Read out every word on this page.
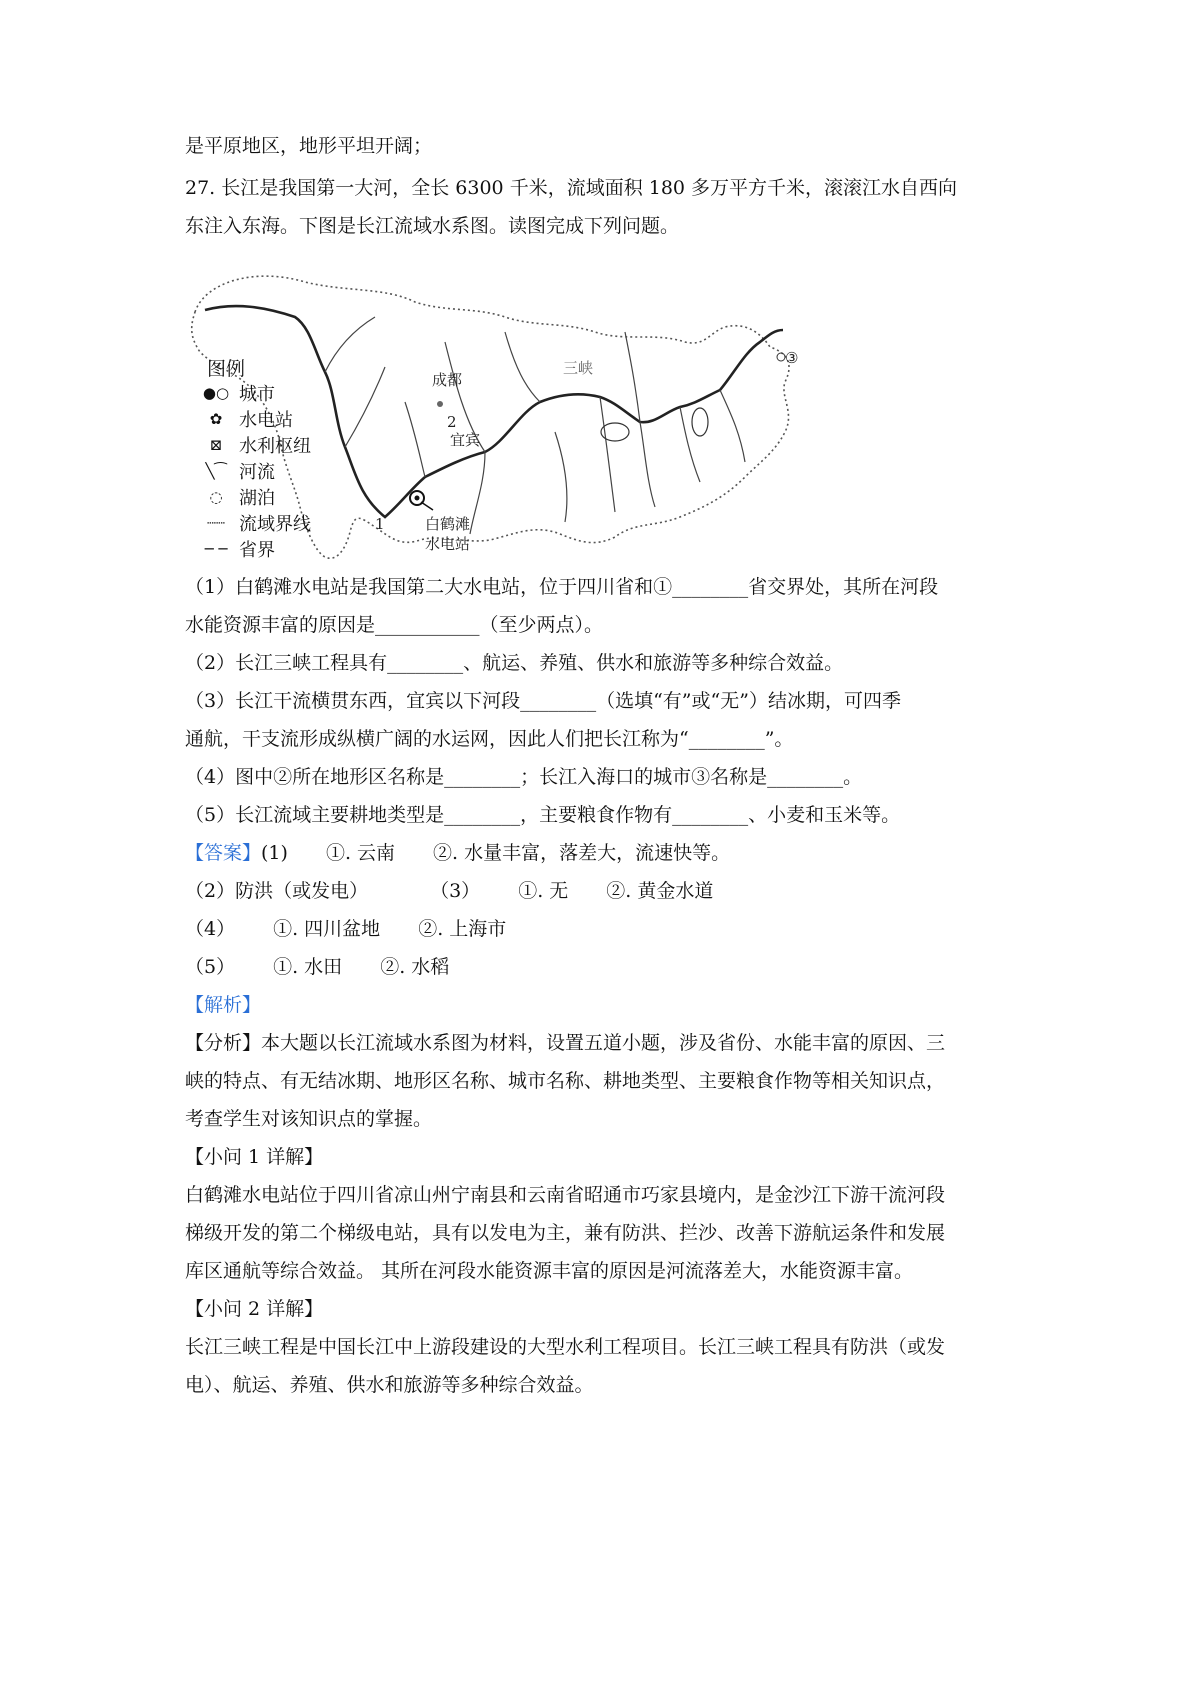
是平原地区，地形平坦开阔；
27. 长江是我国第一大河，全长 6300 千米，流域面积 180 多万平方千米，滚滚江水自西向
东注入东海。下图是长江流域水系图。读图完成下列问题。
图例
●○ 城市
✿ 水电站
⊠ 水利枢纽
╲⁀ 河流
◌ 湖泊
┈┈ 流域界线
─ ─ 省界
成都
2
宜宾
三峡
1
③
白鹤滩
水电站
（1）白鹤滩水电站是我国第二大水电站，位于四川省和①________省交界处，其所在河段
水能资源丰富的原因是___________（至少两点）。
（2）长江三峡工程具有________、航运、养殖、供水和旅游等多种综合效益。
（3）长江干流横贯东西，宜宾以下河段________（选填“有”或“无”）结冰期，可四季
通航，干支流形成纵横广阔的水运网，因此人们把长江称为“________”。
（4）图中②所在地形区名称是________；长江入海口的城市③名称是________。
（5）长江流域主要耕地类型是________，主要粮食作物有________、小麦和玉米等。
【答案】(1) ①. 云南 ②. 水量丰富，落差大，流速快等。
（2）防洪（或发电）	（3） ①. 无 ②. 黄金水道
（4） ①. 四川盆地 ②. 上海市
（5） ①. 水田 ②. 水稻
【解析】
【分析】本大题以长江流域水系图为材料，设置五道小题，涉及省份、水能丰富的原因、三
峡的特点、有无结冰期、地形区名称、城市名称、耕地类型、主要粮食作物等相关知识点，
考查学生对该知识点的掌握。
【小问 1 详解】
白鹤滩水电站位于四川省凉山州宁南县和云南省昭通市巧家县境内，是金沙江下游干流河段
梯级开发的第二个梯级电站，具有以发电为主，兼有防洪、拦沙、改善下游航运条件和发展
库区通航等综合效益。 其所在河段水能资源丰富的原因是河流落差大，水能资源丰富。
【小问 2 详解】
长江三峡工程是中国长江中上游段建设的大型水利工程项目。长江三峡工程具有防洪（或发
电）、航运、养殖、供水和旅游等多种综合效益。
